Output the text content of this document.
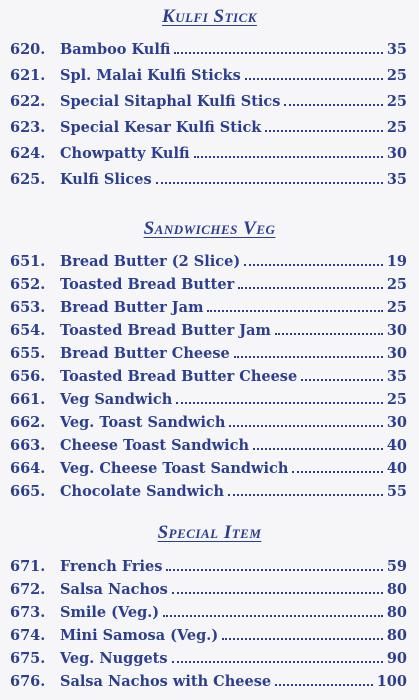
Kulfi Stick
620.	Bamboo Kulfi	35
621.	Spl. Malai Kulfi Sticks	25
622.	Special Sitaphal Kulfi Stics	25
623.	Special Kesar Kulfi Stick	25
624.	Chowpatty Kulfi	30
625.	Kulfi Slices	35
Sandwiches Veg
651.	Bread Butter (2 Slice)	19
652.	Toasted Bread Butter	25
653.	Bread Butter Jam	25
654.	Toasted Bread Butter Jam	30
655.	Bread Butter Cheese	30
656.	Toasted Bread Butter Cheese	35
661.	Veg Sandwich	25
662.	Veg. Toast Sandwich	30
663.	Cheese Toast Sandwich	40
664.	Veg. Cheese Toast Sandwich	40
665.	Chocolate Sandwich	55
Special Item
671.	French Fries	59
672.	Salsa Nachos	80
673.	Smile (Veg.)	80
674.	Mini Samosa (Veg.)	80
675.	Veg. Nuggets	90
676.	Salsa Nachos with Cheese	100
